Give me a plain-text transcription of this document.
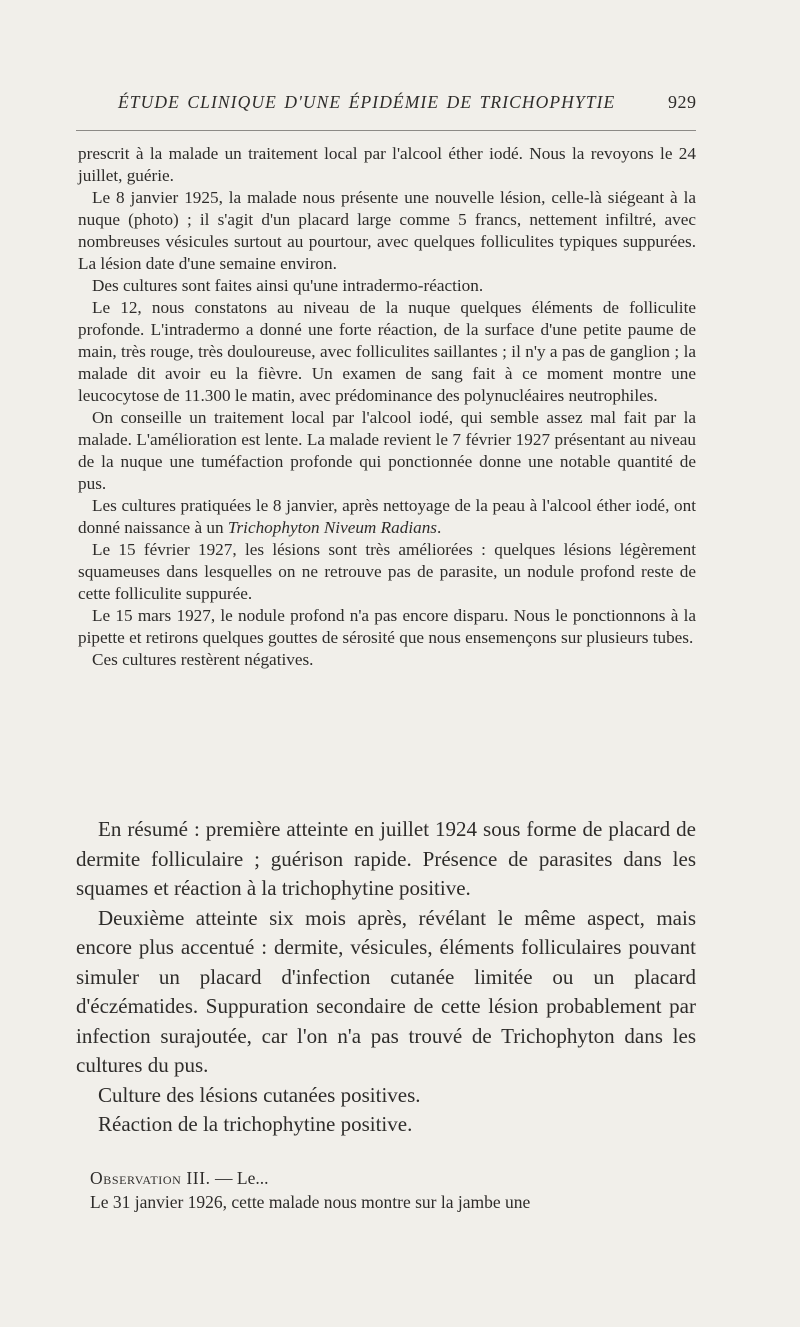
ÉTUDE CLINIQUE D'UNE ÉPIDÉMIE DE TRICHOPHYTIE	929

prescrit à la malade un traitement local par l'alcool éther iodé. Nous la revoyons le 24 juillet, guérie.

Le 8 janvier 1925, la malade nous présente une nouvelle lésion, celle-là siégeant à la nuque (photo) ; il s'agit d'un placard large comme 5 francs, nettement infiltré, avec nombreuses vésicules surtout au pourtour, avec quelques folliculites typiques suppurées. La lésion date d'une semaine environ.

Des cultures sont faites ainsi qu'une intradermo-réaction.

Le 12, nous constatons au niveau de la nuque quelques éléments de folliculite profonde. L'intradermo a donné une forte réaction, de la surface d'une petite paume de main, très rouge, très douloureuse, avec folliculites saillantes ; il n'y a pas de ganglion ; la malade dit avoir eu la fièvre. Un examen de sang fait à ce moment montre une leucocytose de 11.300 le matin, avec prédominance des polynucléaires neutrophiles.

On conseille un traitement local par l'alcool iodé, qui semble assez mal fait par la malade. L'amélioration est lente. La malade revient le 7 février 1927 présentant au niveau de la nuque une tuméfaction profonde qui ponctionnée donne une notable quantité de pus.

Les cultures pratiquées le 8 janvier, après nettoyage de la peau à l'alcool éther iodé, ont donné naissance à un Trichophyton Niveum Radians.

Le 15 février 1927, les lésions sont très améliorées : quelques lésions légèrement squameuses dans lesquelles on ne retrouve pas de parasite, un nodule profond reste de cette folliculite suppurée.

Le 15 mars 1927, le nodule profond n'a pas encore disparu. Nous le ponctionnons à la pipette et retirons quelques gouttes de sérosité que nous ensemençons sur plusieurs tubes.

Ces cultures restèrent négatives.

En résumé : première atteinte en juillet 1924 sous forme de placard de dermite folliculaire ; guérison rapide. Présence de parasites dans les squames et réaction à la trichophytine positive.

Deuxième atteinte six mois après, révélant le même aspect, mais encore plus accentué : dermite, vésicules, éléments folliculaires pouvant simuler un placard d'infection cutanée limitée ou un placard d'éczématides. Suppuration secondaire de cette lésion probablement par infection surajoutée, car l'on n'a pas trouvé de Trichophyton dans les cultures du pus.

Culture des lésions cutanées positives.

Réaction de la trichophytine positive.

Observation III. — Le...

Le 31 janvier 1926, cette malade nous montre sur la jambe une
